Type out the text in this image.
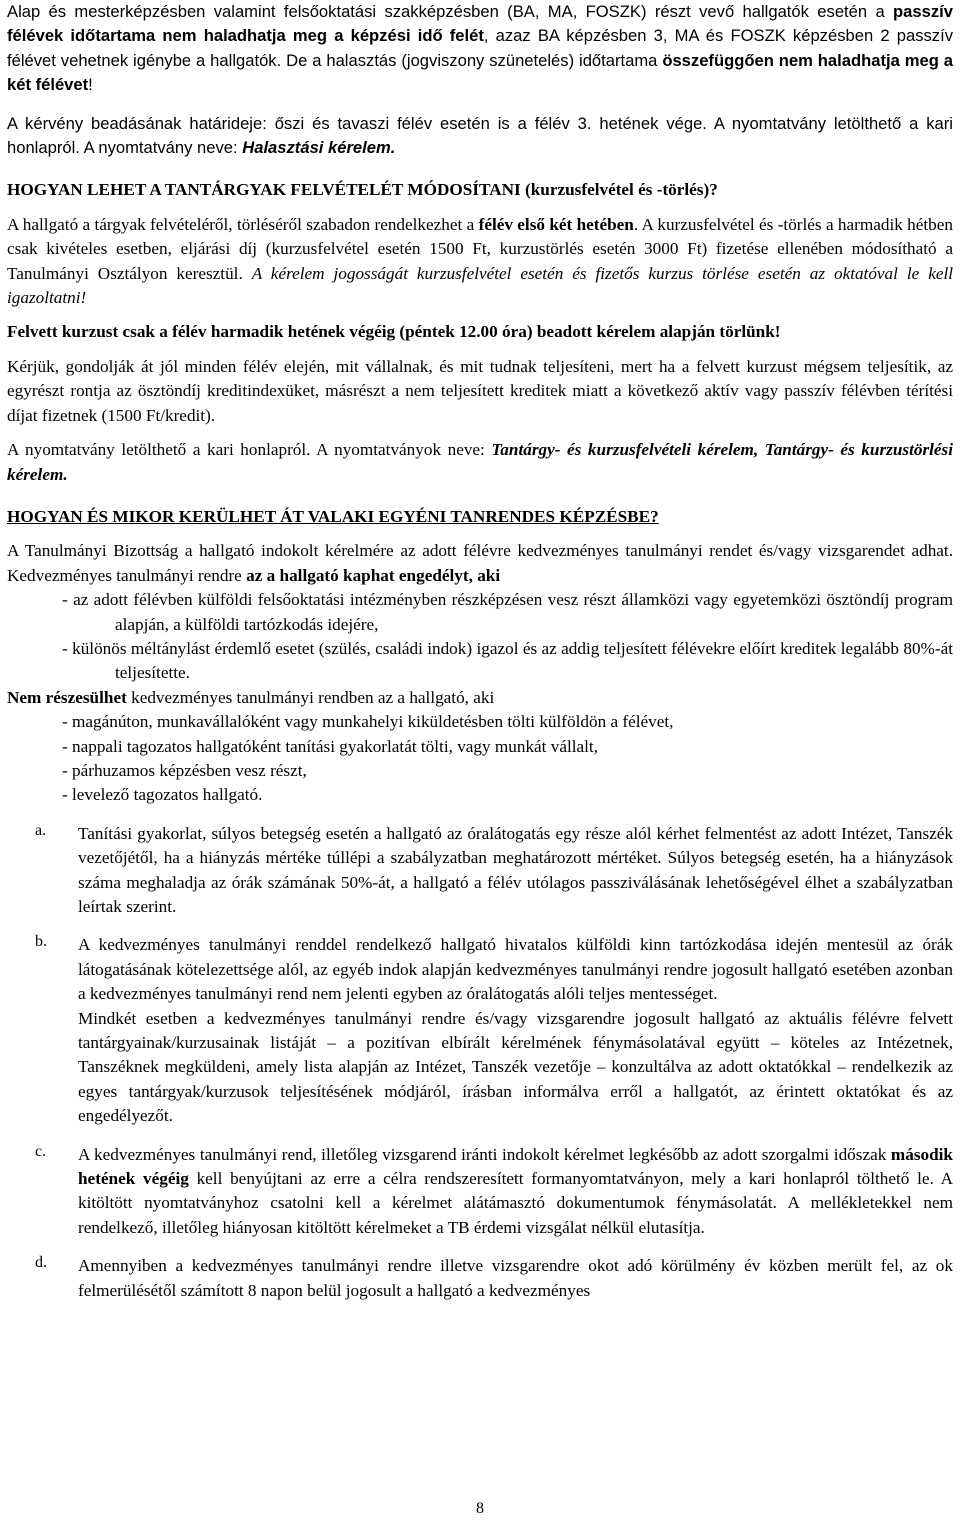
Alap és mesterképzésben valamint felsőoktatási szakképzésben (BA, MA, FOSZK) részt vevő hallgatók esetén a passzív félévek időtartama nem haladhatja meg a képzési idő felét, azaz BA képzésben 3, MA és FOSZK képzésben 2 passzív félévet vehetnek igénybe a hallgatók. De a halasztás (jogviszony szünetelés) időtartama összefüggően nem haladhatja meg a két félévet!

A kérvény beadásának határideje: őszi és tavaszi félév esetén is a félév 3. hetének vége. A nyomtatvány letölthető a kari honlapról. A nyomtatvány neve: Halasztási kérelem.

HOGYAN LEHET A TANTÁRGYAK FELVÉTELÉT MÓDOSÍTANI (kurzusfelvétel és -törlés)?

A hallgató a tárgyak felvételéről, törléséről szabadon rendelkezhet a félév első két hetében. A kurzusfelvétel és -törlés a harmadik hétben csak kivételes esetben, eljárási díj (kurzusfelvétel esetén 1500 Ft, kurzustörlés esetén 3000 Ft) fizetése ellenében módosítható a Tanulmányi Osztályon keresztül. A kérelem jogosságát kurzusfelvétel esetén és fizetős kurzus törlése esetén az oktatóval le kell igazoltatni!

Felvett kurzust csak a félév harmadik hetének végéig (péntek 12.00 óra) beadott kérelem alapján törlünk!

Kérjük, gondolják át jól minden félév elején, mit vállalnak, és mit tudnak teljesíteni, mert ha a felvett kurzust mégsem teljesítik, az egyrészt rontja az ösztöndíj kreditindexüket, másrészt a nem teljesített kreditek miatt a következő aktív vagy passzív félévben térítési díjat fizetnek (1500 Ft/kredit).

A nyomtatvány letölthető a kari honlapról. A nyomtatványok neve: Tantárgy- és kurzusfelvételi kérelem, Tantárgy- és kurzustörlési kérelem.

HOGYAN ÉS MIKOR KERÜLHET ÁT VALAKI EGYÉNI TANRENDES KÉPZÉSBE?

A Tanulmányi Bizottság a hallgató indokolt kérelmére az adott félévre kedvezményes tanulmányi rendet és/vagy vizsgarendet adhat. Kedvezményes tanulmányi rendre az a hallgató kaphat engedélyt, aki

- az adott félévben külföldi felsőoktatási intézményben részképzésen vesz részt államközi vagy egyetemközi ösztöndíj program alapján, a külföldi tartózkodás idejére,

- különös méltánylást érdemlő esetet (szülés, családi indok) igazol és az addig teljesített félévekre előírt kreditek legalább 80%-át teljesítette.

Nem részesülhet kedvezményes tanulmányi rendben az a hallgató, aki

- magánúton, munkavállalóként vagy munkahelyi kiküldetésben tölti külföldön a félévet,

- nappali tagozatos hallgatóként tanítási gyakorlatát tölti, vagy munkát vállalt,

- párhuzamos képzésben vesz részt,

- levelező tagozatos hallgató.

a. Tanítási gyakorlat, súlyos betegség esetén a hallgató az óralátogatás egy része alól kérhet felmentést az adott Intézet, Tanszék vezetőjétől, ha a hiányzás mértéke túllépi a szabályzatban meghatározott mértéket. Súlyos betegség esetén, ha a hiányzások száma meghaladja az órák számának 50%-át, a hallgató a félév utólagos passziválásának lehetőségével élhet a szabályzatban leírtak szerint.

b. A kedvezményes tanulmányi renddel rendelkező hallgató hivatalos külföldi kinn tartózkodása idején mentesül az órák látogatásának kötelezettsége alól, az egyéb indok alapján kedvezményes tanulmányi rendre jogosult hallgató esetében azonban a kedvezményes tanulmányi rend nem jelenti egyben az óralátogatás alóli teljes mentességet.

Mindkét esetben a kedvezményes tanulmányi rendre és/vagy vizsgarendre jogosult hallgató az aktuális félévre felvett tantárgyainak/kurzusainak listáját – a pozitívan elbírált kérelmének fénymásolatával együtt – köteles az Intézetnek, Tanszéknek megküldeni, amely lista alapján az Intézet, Tanszék vezetője – konzultálva az adott oktatókkal – rendelkezik az egyes tantárgyak/kurzusok teljesítésének módjáról, írásban informálva erről a hallgatót, az érintett oktatókat és az engedélyezőt.

c. A kedvezményes tanulmányi rend, illetőleg vizsgarend iránti indokolt kérelmet legkésőbb az adott szorgalmi időszak második hetének végéig kell benyújtani az erre a célra rendszeresített formanyomtatványon, mely a kari honlapról tölthető le. A kitöltött nyomtatványhoz csatolni kell a kérelmet alátámasztó dokumentumok fénymásolatát. A mellékletekkel nem rendelkező, illetőleg hiányosan kitöltött kérelmeket a TB érdemi vizsgálat nélkül elutasítja.

d. Amennyiben a kedvezményes tanulmányi rendre illetve vizsgarendre okot adó körülmény év közben merült fel, az ok felmerülésétől számított 8 napon belül jogosult a hallgató a kedvezményes

8
